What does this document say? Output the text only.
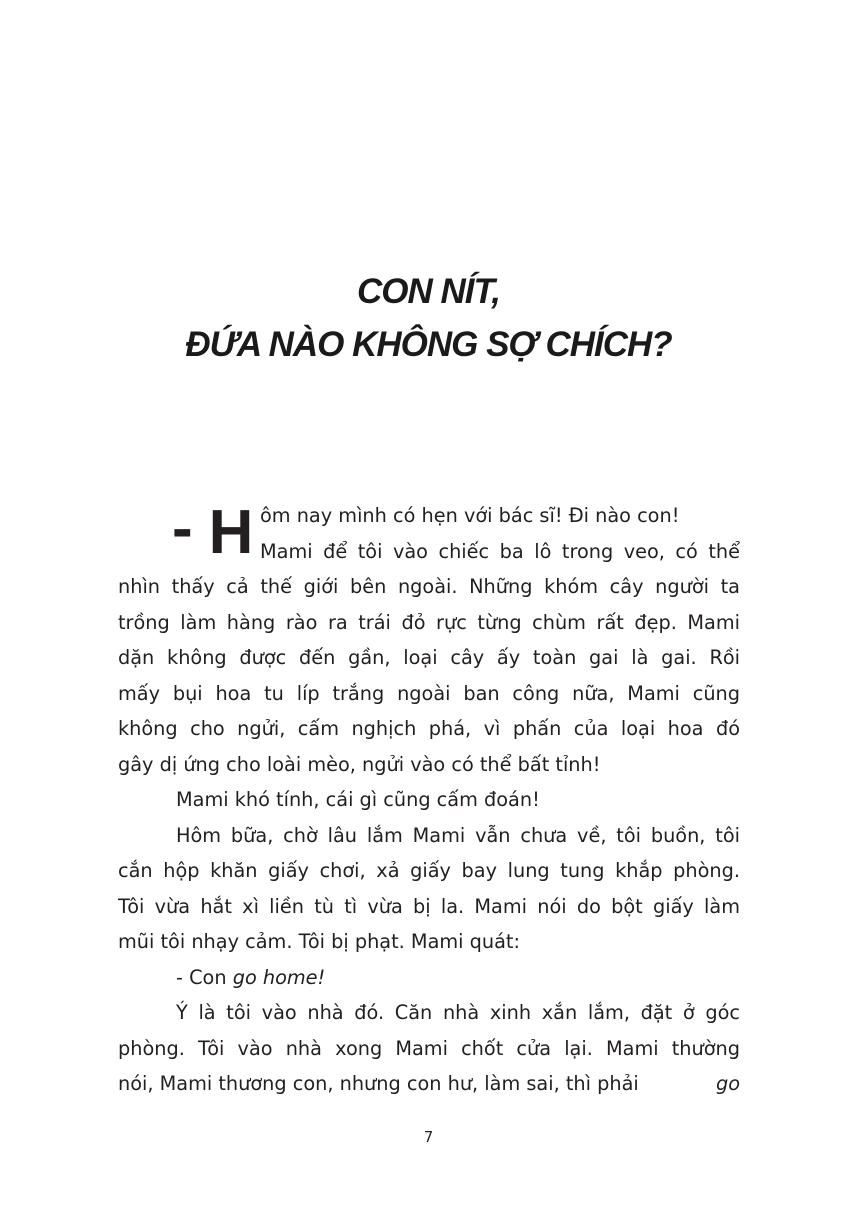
CON NÍT,
ĐỨA NÀO KHÔNG SỢ CHÍCH?
- H
ôm nay mình có hẹn với bác sĩ! Đi nào con!
Mami để tôi vào chiếc ba lô trong veo, có thể
nhìn thấy cả thế giới bên ngoài. Những khóm cây người ta
trồng làm hàng rào ra trái đỏ rực từng chùm rất đẹp. Mami
dặn không được đến gần, loại cây ấy toàn gai là gai. Rồi
mấy bụi hoa tu líp trắng ngoài ban công nữa, Mami cũng
không cho ngửi, cấm nghịch phá, vì phấn của loại hoa đó
gây dị ứng cho loài mèo, ngửi vào có thể bất tỉnh!
Mami khó tính, cái gì cũng cấm đoán!
Hôm bữa, chờ lâu lắm Mami vẫn chưa về, tôi buồn, tôi
cắn hộp khăn giấy chơi, xả giấy bay lung tung khắp phòng.
Tôi vừa hắt xì liền tù tì vừa bị la. Mami nói do bột giấy làm
mũi tôi nhạy cảm. Tôi bị phạt. Mami quát:
- Con go home!
Ý là tôi vào nhà đó. Căn nhà xinh xắn lắm, đặt ở góc
phòng. Tôi vào nhà xong Mami chốt cửa lại. Mami thường
nói, Mami thương con, nhưng con hư, làm sai, thì phải	go
7
